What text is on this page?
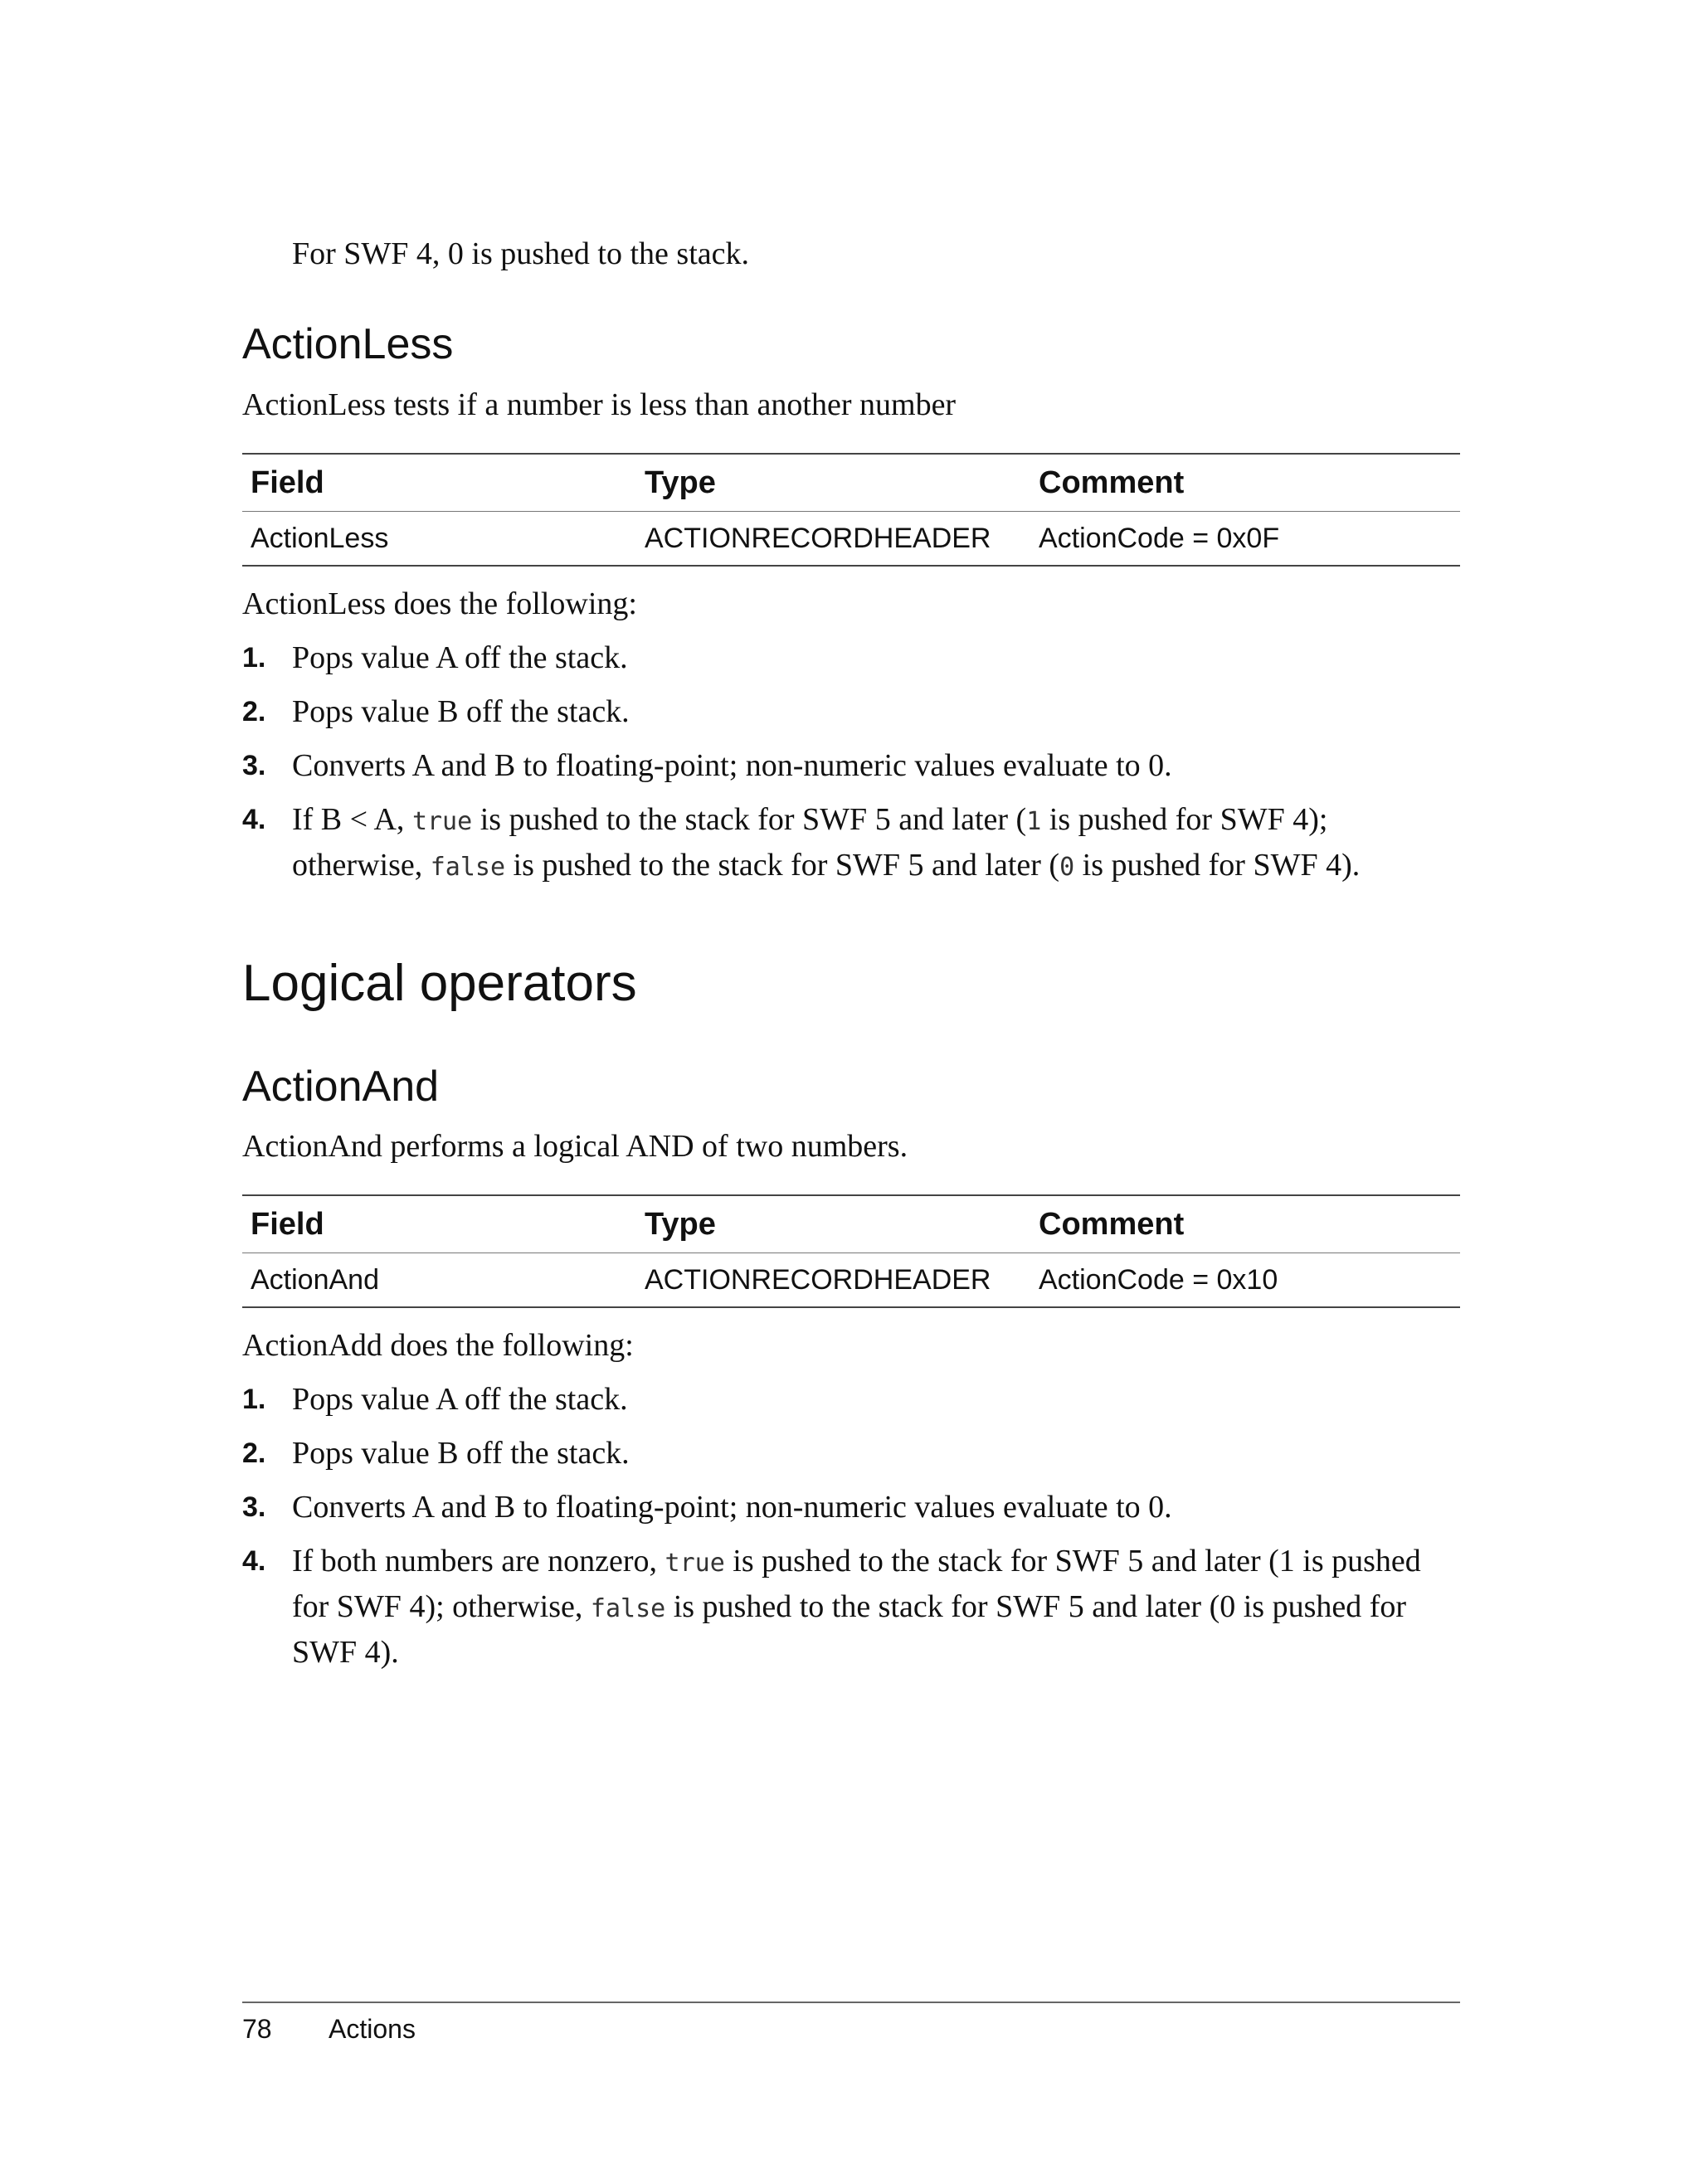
For SWF 4, 0 is pushed to the stack.

ActionLess

ActionLess tests if a number is less than another number

Field	Type	Comment
ActionLess	ACTIONRECORDHEADER	ActionCode = 0x0F

ActionLess does the following:

1. Pops value A off the stack.
2. Pops value B off the stack.
3. Converts A and B to floating-point; non-numeric values evaluate to 0.
4. If B < A, true is pushed to the stack for SWF 5 and later (1 is pushed for SWF 4); otherwise, false is pushed to the stack for SWF 5 and later (0 is pushed for SWF 4).
Logical operators
ActionAnd

ActionAnd performs a logical AND of two numbers.

Field	Type	Comment
ActionAnd	ACTIONRECORDHEADER	ActionCode = 0x10

ActionAdd does the following:

1. Pops value A off the stack.
2. Pops value B off the stack.
3. Converts A and B to floating-point; non-numeric values evaluate to 0.
4. If both numbers are nonzero, true is pushed to the stack for SWF 5 and later (1 is pushed for SWF 4); otherwise, false is pushed to the stack for SWF 5 and later (0 is pushed for SWF 4).
78 Actions
